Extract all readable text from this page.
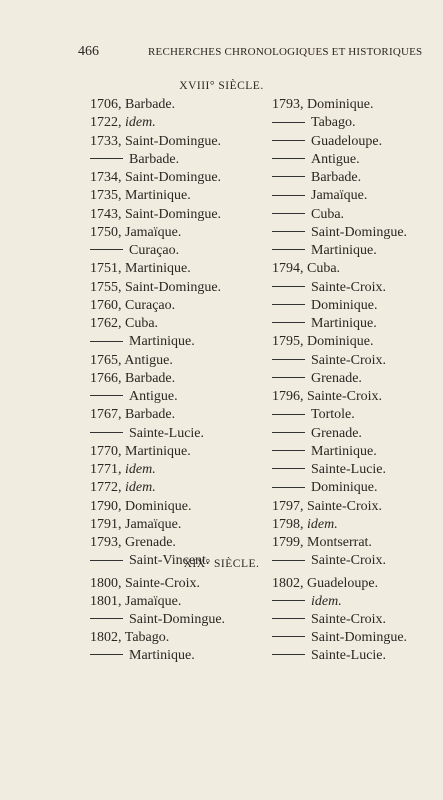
466	RECHERCHES CHRONOLOGIQUES ET HISTORIQUES
XVIII° SIÈCLE.
1706, Barbade.
1722, idem.
1733, Saint-Domingue.
Barbade.
1734, Saint-Domingue.
1735, Martinique.
1743, Saint-Domingue.
1750, Jamaïque.
Curaçao.
1751, Martinique.
1755, Saint-Domingue.
1760, Curaçao.
1762, Cuba.
Martinique.
1765, Antigue.
1766, Barbade.
Antigue.
1767, Barbade.
Sainte-Lucie.
1770, Martinique.
1771, idem.
1772, idem.
1790, Dominique.
1791, Jamaïque.
1793, Grenade.
Saint-Vincent.
1793, Dominique.
Tabago.
Guadeloupe.
Antigue.
Barbade.
Jamaïque.
Cuba.
Saint-Domingue.
Martinique.
1794, Cuba.
Sainte-Croix.
Dominique.
Martinique.
1795, Dominique.
Sainte-Croix.
Grenade.
1796, Sainte-Croix.
Tortole.
Grenade.
Martinique.
Sainte-Lucie.
Dominique.
1797, Sainte-Croix.
1798, idem.
1799, Montserrat.
Sainte-Croix.
XIX° SIÈCLE.
1800, Sainte-Croix.
1801, Jamaïque.
Saint-Domingue.
1802, Tabago.
Martinique.
1802, Guadeloupe.
idem.
Sainte-Croix.
Saint-Domingue.
Sainte-Lucie.
